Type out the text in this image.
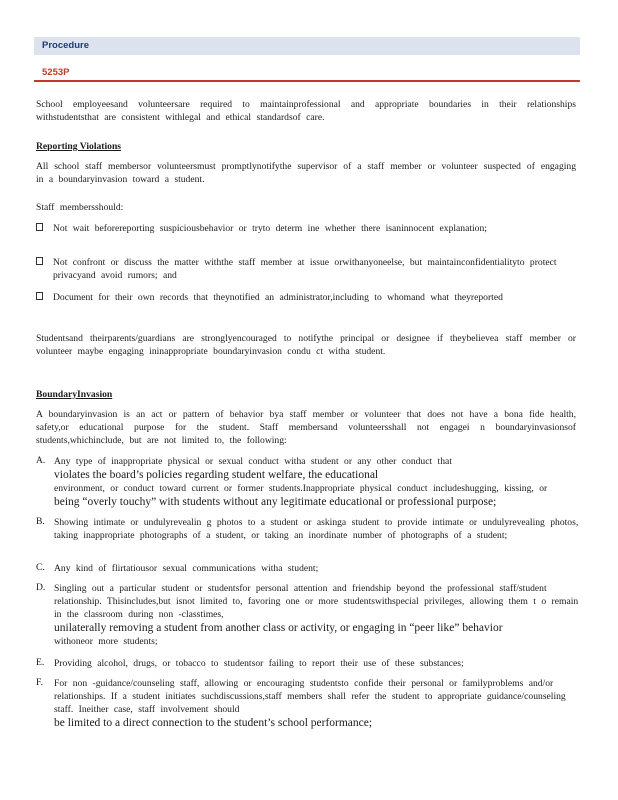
Procedure
5253P
School employeesand volunteersare required to maintainprofessional and appropriate boundaries in their relationships withstudentsthat are consistent withlegal and ethical standardsof care.
Reporting Violations
All school staff membersor volunteersmust promptlynotifythe supervisor of a staff member or volunteer suspected of engaging in a boundaryinvasion toward a student.
Staff membersshould:
Not wait beforereporting suspiciousbehavior or tryto determ ine whether there isaninnocent explanation;
Not confront or discuss the matter withthe staff member at issue orwithanyoneelse, but maintainconfidentialityto protect privacyand avoid rumors; and
Document for their own records that theynotified an administrator,including to whomand what theyreported
Studentsand theirparents/guardians are stronglyencouraged to notifythe principal or designee if theybelievea staff member or volunteer maybe engaging ininappropriate boundaryinvasion condu ct witha student.
BoundaryInvasion
A boundaryinvasion is an act or pattern of behavior bya staff member or volunteer that does not have a bona fide health, safety,or educational purpose for the student. Staff membersand volunteersshall not engagei n boundaryinvasionsof students,whichinclude, but are not limited to, the following:
A. Any type of inappropriate physical or sexual conduct witha student or any other conduct that
violates the board’s policies regarding student welfare, the educational
environment, or conduct toward current or former students.Inappropriate physical conduct includeshugging, kissing, or
being “overly touchy” with students without any legitimate educational or professional purpose;
B. Showing intimate or undulyrevealin g photos to a student or askinga student to provide intimate or undulyrevealing photos, taking inappropriate photographs of a student, or taking an inordinate number of photographs of a student;
C. Any kind of flirtatiousor sexual communications witha student;
D. Singling out a particular student or studentsfor personal attention and friendship beyond the professional staff/student relationship. Thisincludes,but isnot limited to, favoring one or more studentswithspecial privileges, allowing them t o remain in the classroom during non -classtimes,
unilaterally removing a student from another class or activity, or engaging in “peer like” behavior
withoneor more students;
E. Providing alcohol, drugs, or tobacco to studentsor failing to report their use of these substances;
F. For non -guidance/counseling staff, allowing or encouraging studentsto confide their personal or familyproblems and/or relationships. If a student initiates suchdiscussions,staff members shall refer the student to appropriate guidance/counseling staff. Ineither case, staff involvement should
be limited to a direct connection to the student’s school performance;
